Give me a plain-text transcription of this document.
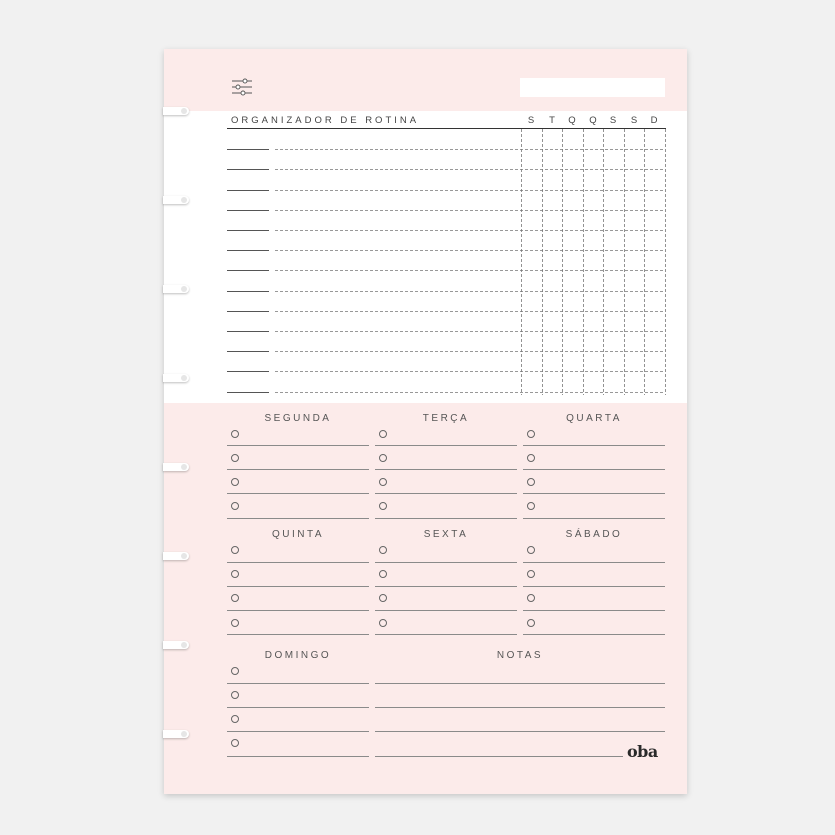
ORGANIZADOR DE ROTINA	S	T	Q	Q	S	S	D
SEGUNDA	TERÇA	QUARTA
QUINTA	SEXTA	SÁBADO
DOMINGO	NOTAS
oba
